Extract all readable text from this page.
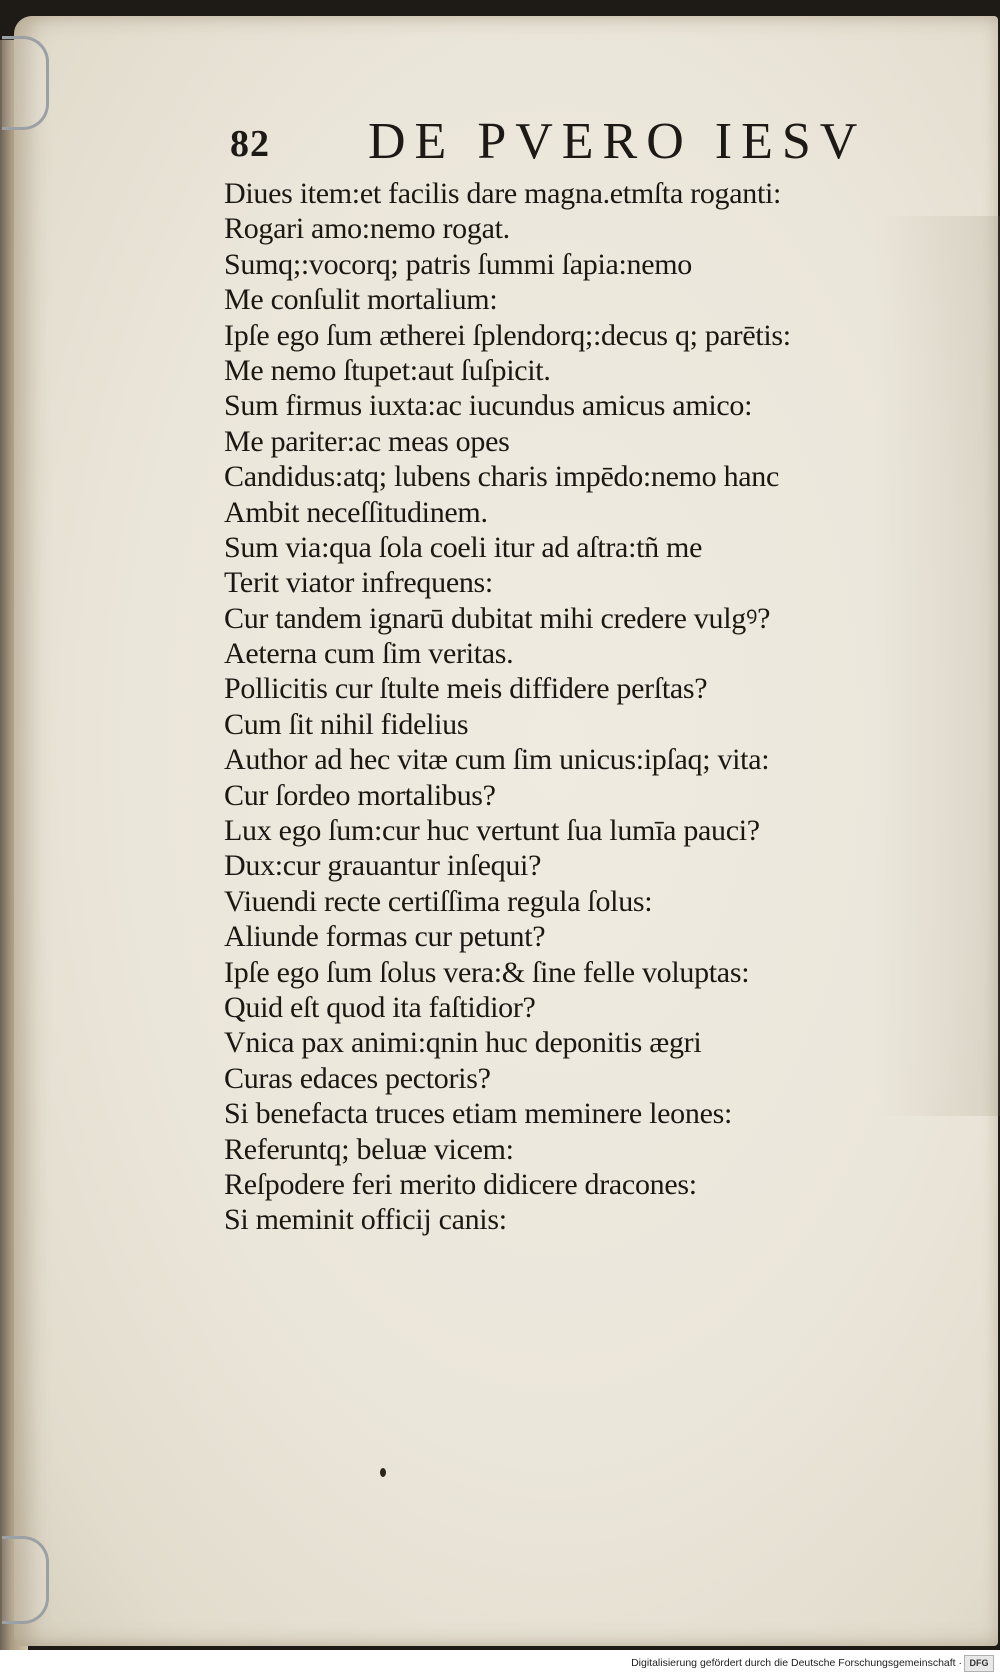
82 DE PVERO IESV
Diues item:et facilis dare magna.etmſta roganti:
Rogari amo:nemo rogat.
Sumq;:vocorq; patris ſummi ſapia:nemo
Me conſulit mortalium:
Ipſe ego ſum ætherei ſplendorq;:decus q; parētis:
Me nemo ſtupet:aut ſuſpicit.
Sum firmus iuxta:ac iucundus amicus amico:
Me pariter:ac meas opes
Candidus:atq; lubens charis impēdo:nemo hanc
Ambit neceſſitudinem.
Sum via:qua ſola coeli itur ad aſtra:tñ me
Terit viator infrequens:
Cur tandem ignarū dubitat mihi credere vulgꝰ?
Aeterna cum ſim veritas.
Pollicitis cur ſtulte meis diffidere perſtas?
Cum ſit nihil fidelius
Author ad hec vitæ cum ſim unicus:ipſaq; vita:
Cur ſordeo mortalibus?
Lux ego ſum:cur huc vertunt ſua lumīa pauci?
Dux:cur grauantur inſequi?
Viuendi recte certiſſima regula ſolus:
Aliunde formas cur petunt?
Ipſe ego ſum ſolus vera:& ſine felle voluptas:
Quid eſt quod ita faſtidior?
Vnica pax animi:qnin huc deponitis ægri
Curas edaces pectoris?
Si benefacta truces etiam meminere leones:
Referuntq; beluæ vicem:
Reſpodere feri merito didicere dracones:
Si meminit officij canis:
Digitalisierung gefördert durch die Deutsche Forschungsgemeinschaft · DFG
